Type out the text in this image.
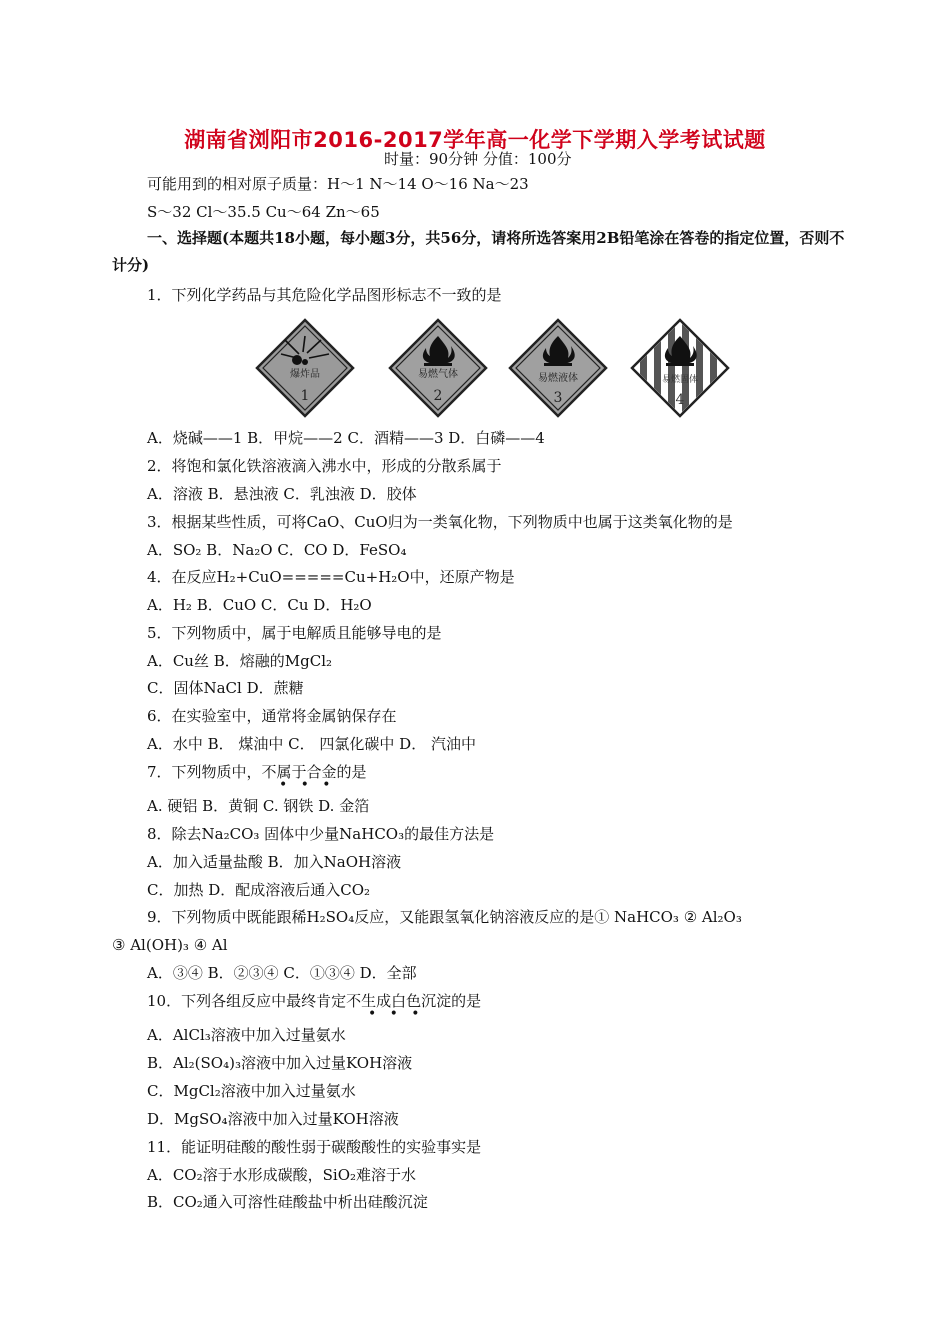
湖南省浏阳市2016-2017学年高一化学下学期入学考试试题
时量：90分钟 分值：100分
可能用到的相对原子质量：H～1 N～14 O～16 Na～23
S～32 Cl～35.5 Cu～64 Zn～65
一、选择题(本题共18小题，每小题3分，共56分，请将所选答案用2B铅笔涂在答卷的指定位置，否则不计分)
1．下列化学药品与其危险化学品图形标志不一致的是
爆炸品
1
易燃气体
2
易燃液体
3
易燃固体
4
A．烧碱——1 B．甲烷——2 C．酒精——3 D．白磷——4
2．将饱和氯化铁溶液滴入沸水中，形成的分散系属于
A．溶液 B．悬浊液 C．乳浊液 D．胶体
3．根据某些性质，可将CaO、CuO归为一类氧化物，下列物质中也属于这类氧化物的是
A．SO₂ B．Na₂O C．CO D．FeSO₄
4．在反应H₂+CuO=====Cu+H₂O中，还原产物是
A．H₂ B．CuO C．Cu D．H₂O
5．下列物质中，属于电解质且能够导电的是
A．Cu丝 B．熔融的MgCl₂
C．固体NaCl D．蔗糖
6．在实验室中，通常将金属钠保存在
A．水中 B． 煤油中 C． 四氯化碳中 D． 汽油中
7．下列物质中，不属于合金的是
•   •   •
A. 硬铝 B．黄铜 C. 钢铁 D. 金箔
8．除去Na₂CO₃ 固体中少量NaHCO₃的最佳方法是
A．加入适量盐酸 B．加入NaOH溶液
C．加热 D．配成溶液后通入CO₂
9．下列物质中既能跟稀H₂SO₄反应，又能跟氢氧化钠溶液反应的是① NaHCO₃ ② Al₂O₃
③ Al(OH)₃ ④ Al
A．③④ B．②③④ C．①③④ D．全部
10．下列各组反应中最终肯定不生成白色沉淀的是
•   •   •
A．AlCl₃溶液中加入过量氨水
B．Al₂(SO₄)₃溶液中加入过量KOH溶液
C．MgCl₂溶液中加入过量氨水
D．MgSO₄溶液中加入过量KOH溶液
11．能证明硅酸的酸性弱于碳酸酸性的实验事实是
A．CO₂溶于水形成碳酸，SiO₂难溶于水
B．CO₂通入可溶性硅酸盐中析出硅酸沉淀
